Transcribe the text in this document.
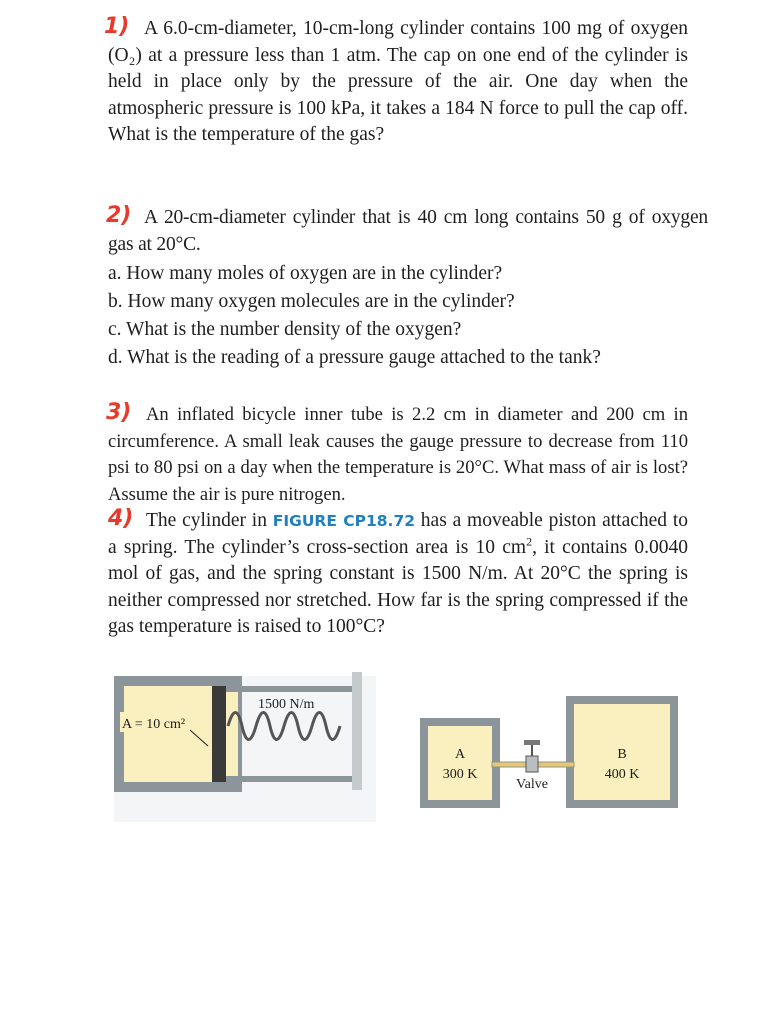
1) A 6.0-cm-diameter, 10-cm-long cylinder contains 100 mg of oxygen (O₂) at a pressure less than 1 atm. The cap on one end of the cylinder is held in place only by the pressure of the air. One day when the atmospheric pressure is 100 kPa, it takes a 184 N force to pull the cap off. What is the temperature of the gas?

2) A 20-cm-diameter cylinder that is 40 cm long contains 50 g of oxygen gas at 20°C.

a. How many moles of oxygen are in the cylinder?
b. How many oxygen molecules are in the cylinder?
c. What is the number density of the oxygen?
d. What is the reading of a pressure gauge attached to the tank?
3) An inflated bicycle inner tube is 2.2 cm in diameter and 200 cm in circumference. A small leak causes the gauge pressure to decrease from 110 psi to 80 psi on a day when the temperature is 20°C. What mass of air is lost? Assume the air is pure nitrogen.

4) The cylinder in FIGURE CP18.72 has a moveable piston attached to a spring. The cylinder’s cross-section area is 10 $cm^2$, it contains 0.0040 mol of gas, and the spring constant is 1500 N/m. At 20°C the spring is neither compressed nor stretched. How far is the spring compressed if the gas temperature is raised to 100°C?

A = 10 cm²
1500 N/m
A
300 K
B
400 K
Valve
